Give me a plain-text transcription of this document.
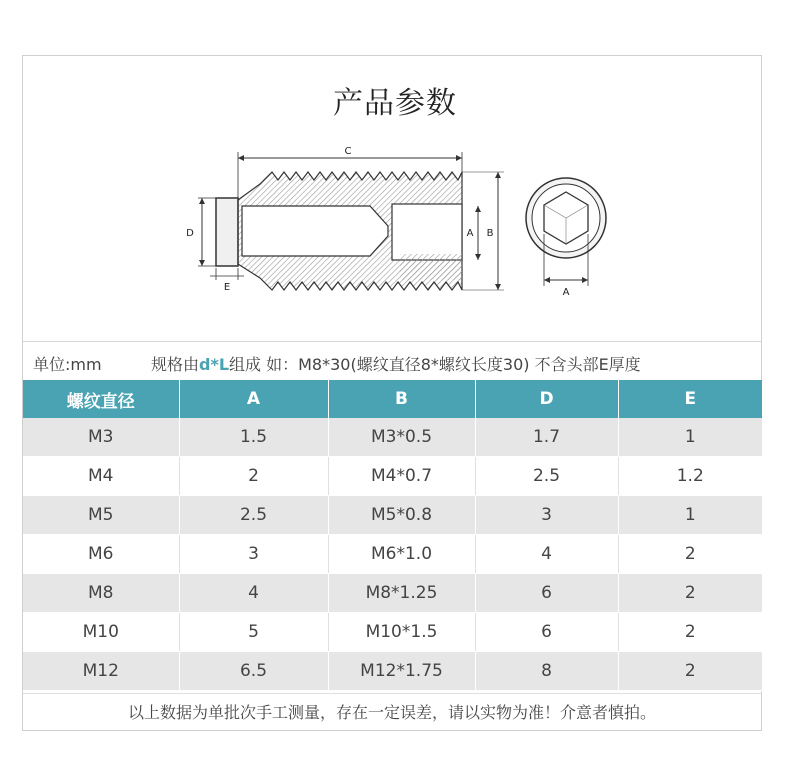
产品参数
C
D
E
A B
A
单位:mm	规格由d*L组成 如：M8*30(螺纹直径8*螺纹长度30) 不含头部E厚度
螺纹直径	A	B	D	E
M3	1.5	M3*0.5	1.7	1
M4	2	M4*0.7	2.5	1.2
M5	2.5	M5*0.8	3	1
M6	3	M6*1.0	4	2
M8	4	M8*1.25	6	2
M10	5	M10*1.5	6	2
M12	6.5	M12*1.75	8	2
以上数据为单批次手工测量，存在一定误差，请以实物为准！介意者慎拍。
